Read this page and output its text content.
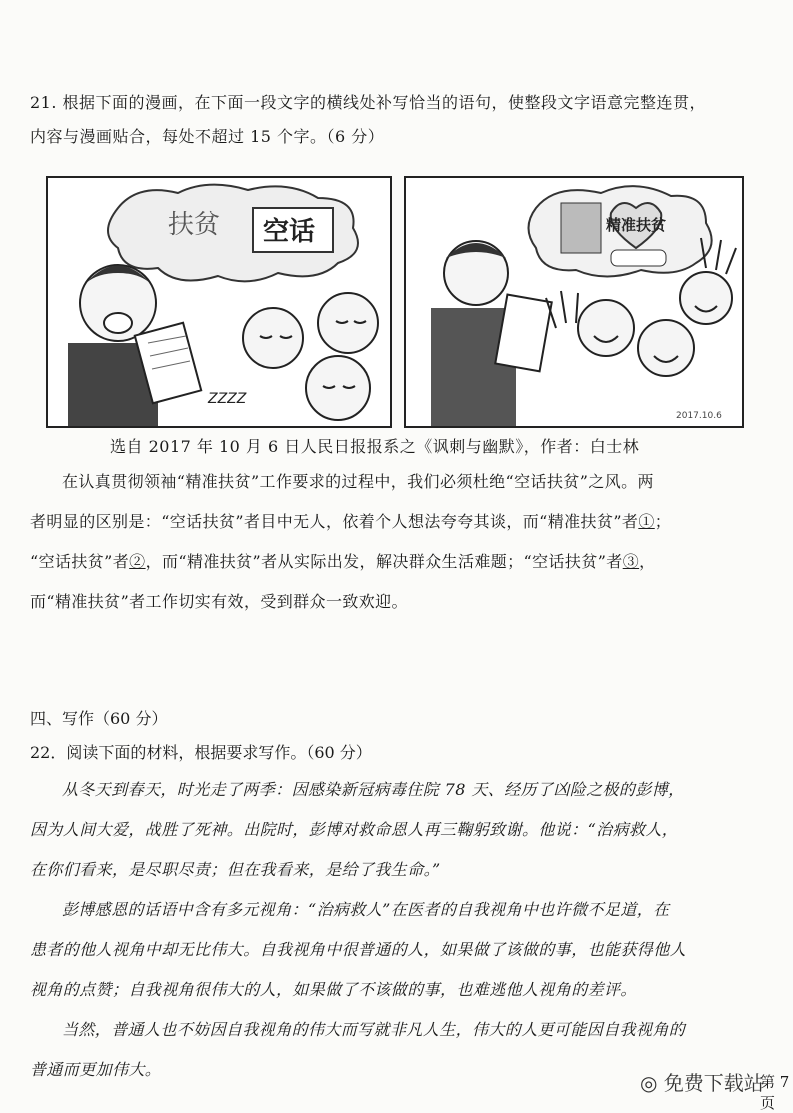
21. 根据下面的漫画，在下面一段文字的横线处补写恰当的语句，使整段文字语意完整连贯，
内容与漫画贴合，每处不超过 15 个字。（6 分）
扶贫 空话
ZZZZ
精准扶贫
2017.10.6
选自 2017 年 10 月 6 日人民日报报系之《讽刺与幽默》，作者：白士林
在认真贯彻领袖“精准扶贫”工作要求的过程中，我们必须杜绝“空话扶贫”之风。两
者明显的区别是：“空话扶贫”者目中无人，依着个人想法夸夸其谈，而“精准扶贫”者①；
“空话扶贫”者②，而“精准扶贫”者从实际出发，解决群众生活难题；“空话扶贫”者③，
而“精准扶贫”者工作切实有效，受到群众一致欢迎。
四、写作（60 分）
22．阅读下面的材料，根据要求写作。（60 分）
从冬天到春天，时光走了两季：因感染新冠病毒住院 78 天、经历了凶险之极的彭博，
因为人间大爱，战胜了死神。出院时，彭博对救命恩人再三鞠躬致谢。他说：“治病救人，
在你们看来，是尽职尽责；但在我看来，是给了我生命。”
彭博感恩的话语中含有多元视角：“治病救人”在医者的自我视角中也许微不足道，在
患者的他人视角中却无比伟大。自我视角中很普通的人，如果做了该做的事，也能获得他人
视角的点赞；自我视角很伟大的人，如果做了不该做的事，也难逃他人视角的差评。
当然，普通人也不妨因自我视角的伟大而写就非凡人生，伟大的人更可能因自我视角的
普通而更加伟大。
◎ 免费下载站
第 7 页
